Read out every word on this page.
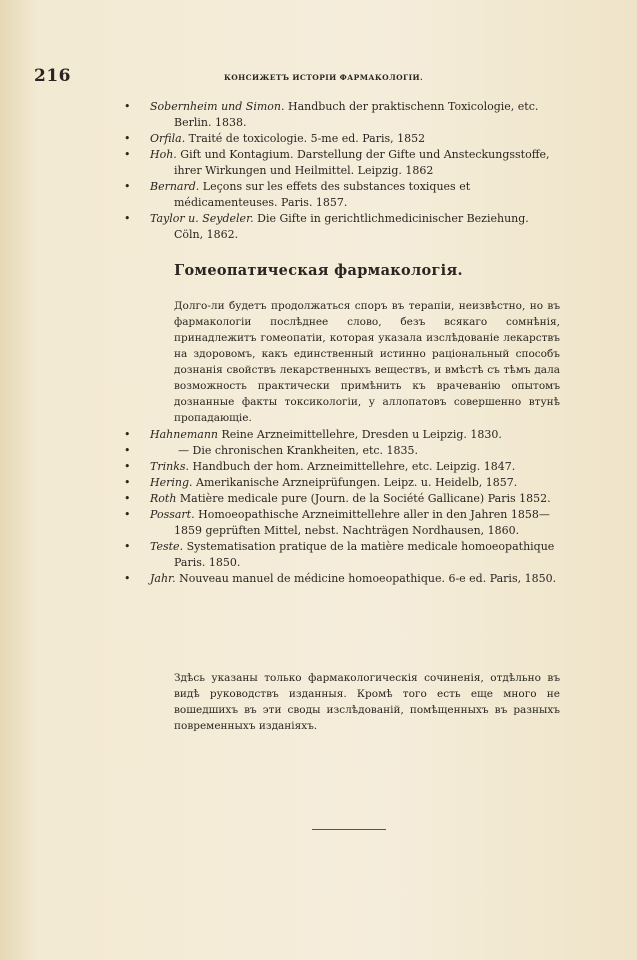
216	КОНСИЖЕТЪ ИСТОРІИ ФАРМАКОЛОГІИ.

• Sobernheim und Simon. Handbuch der praktischenn Toxicologie, etc. Berlin. 1838.

• Orfila. Traité de toxicologie. 5-me ed. Paris, 1852

• Hoh. Gift und Kontagium. Darstellung der Gifte und Ansteckungsstoffe, ihrer Wirkungen und Heilmittel. Leipzig. 1862

• Bernard. Leçons sur les effets des substances toxiques et médicamenteuses. Paris. 1857.

• Taylor u. Seydeler. Die Gifte in gerichtlichmedicinischer Beziehung. Cöln, 1862.

Гомеопатическая фармакологія.

Долго-ли будетъ продолжаться споръ въ терапіи, неизвѣстно, но въ фармакологіи послѣднее слово, безъ всякаго сомнѣнія, принадлежитъ гомеопатіи, которая указала изслѣдованіе лекарствъ на здоровомъ, какъ единственный истинно раціональный способъ дознанія свойствъ лекарственныхъ веществъ, и вмѣстѣ съ тѣмъ дала возможность практически примѣнить къ врачеванію опытомъ дознанные факты токсикологіи, у аллопатовъ совершенно втунѣ пропадающіе.

• Hahnemann Reine Arzneimittellehre, Dresden u Leipzig. 1830.

•	— Die chronischen Krankheiten, etc. 1835.

• Trinks. Handbuch der hom. Arzneimittellehre, etc. Leipzig. 1847.

• Hering. Amerikanische Arzneiprüfungen. Leipz. u. Heidelb, 1857.

• Roth Matière medicale pure (Journ. de la Société Gallicane) Paris 1852.

• Possart. Homoeopathische Arzneimittellehre aller in den Jahren 1858—1859 geprüften Mittel, nebst. Nachträgen Nordhausen, 1860.

• Teste. Systematisation pratique de la matière medicale homoeopathique Paris. 1850.

• Jahr. Nouveau manuel de médicine homoeopathique. 6-e ed. Paris, 1850.

Здѣсь указаны только фармакологическія сочиненія, отдѣльно въ видѣ руководствъ изданныя. Кромѣ того есть еще много не вошедшихъ въ эти своды изслѣдованій, помѣщенныхъ въ разныхъ повременныхъ изданіяхъ.
